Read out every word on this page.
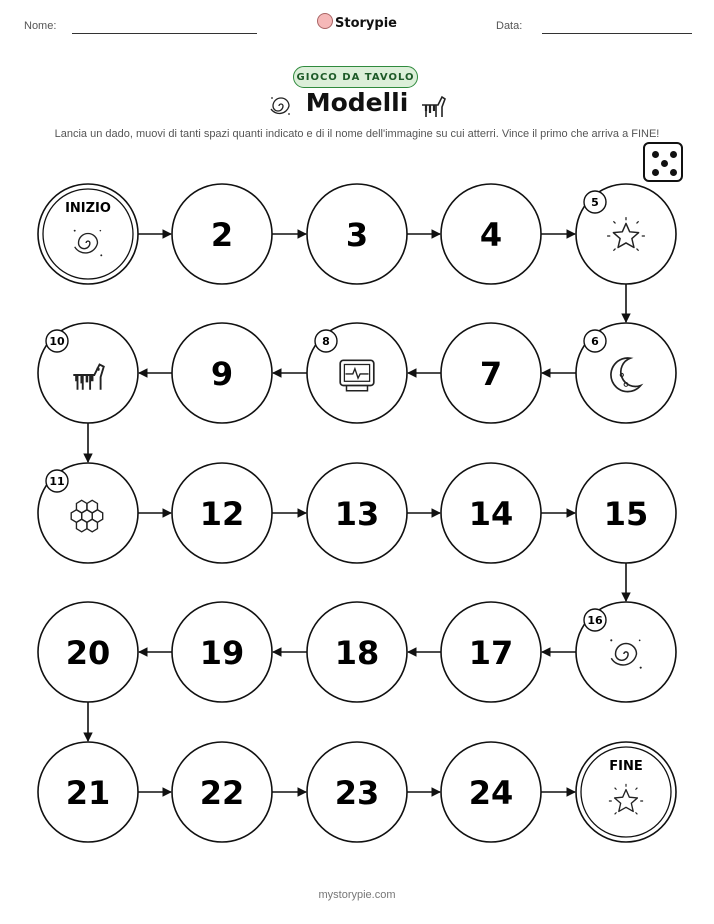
Nome:	Storypie	Data:
GIOCO DA TAVOLO
Modelli
Lancia un dado, muovi di tanti spazi quanti indicato e di il nome dell'immagine su cui atterri. Vince il primo che arriva a FINE!
INIZIO
2	3	4
5
6
7
8
9
10
11
12	13	14	15
16
17
18
19
20
21	22	23	24
FINE
mystorypie.com
